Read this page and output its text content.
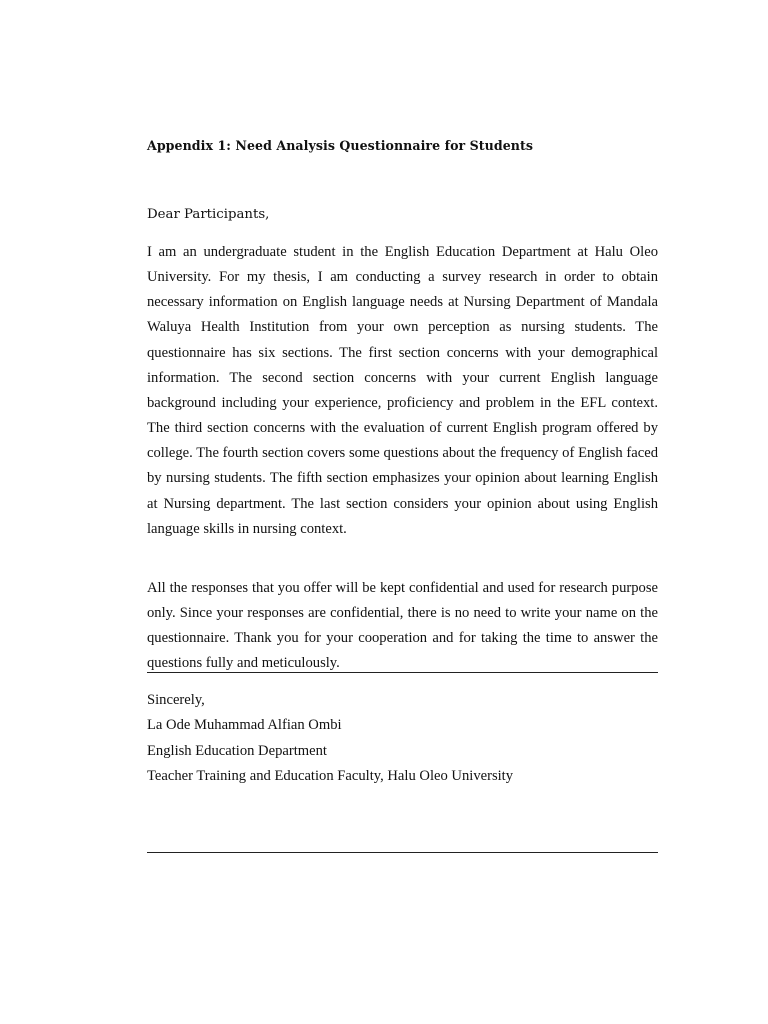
Appendix 1: Need Analysis Questionnaire for Students
Dear Participants,

I am an undergraduate student in the English Education Department at Halu Oleo University. For my thesis, I am conducting a survey research in order to obtain necessary information on English language needs at Nursing Department of Mandala Waluya Health Institution from your own perception as nursing students. The questionnaire has six sections. The first section concerns with your demographical information. The second section concerns with your current English language background including your experience, proficiency and problem in the EFL context. The third section concerns with the evaluation of current English program offered by college. The fourth section covers some questions about the frequency of English faced by nursing students. The fifth section emphasizes your opinion about learning English at Nursing department. The last section considers your opinion about using English language skills in nursing context.

All the responses that you offer will be kept confidential and used for research purpose only. Since your responses are confidential, there is no need to write your name on the questionnaire. Thank you for your cooperation and for taking the time to answer the questions fully and meticulously.

Sincerely,
La Ode Muhammad Alfian Ombi
English Education Department
Teacher Training and Education Faculty, Halu Oleo University
